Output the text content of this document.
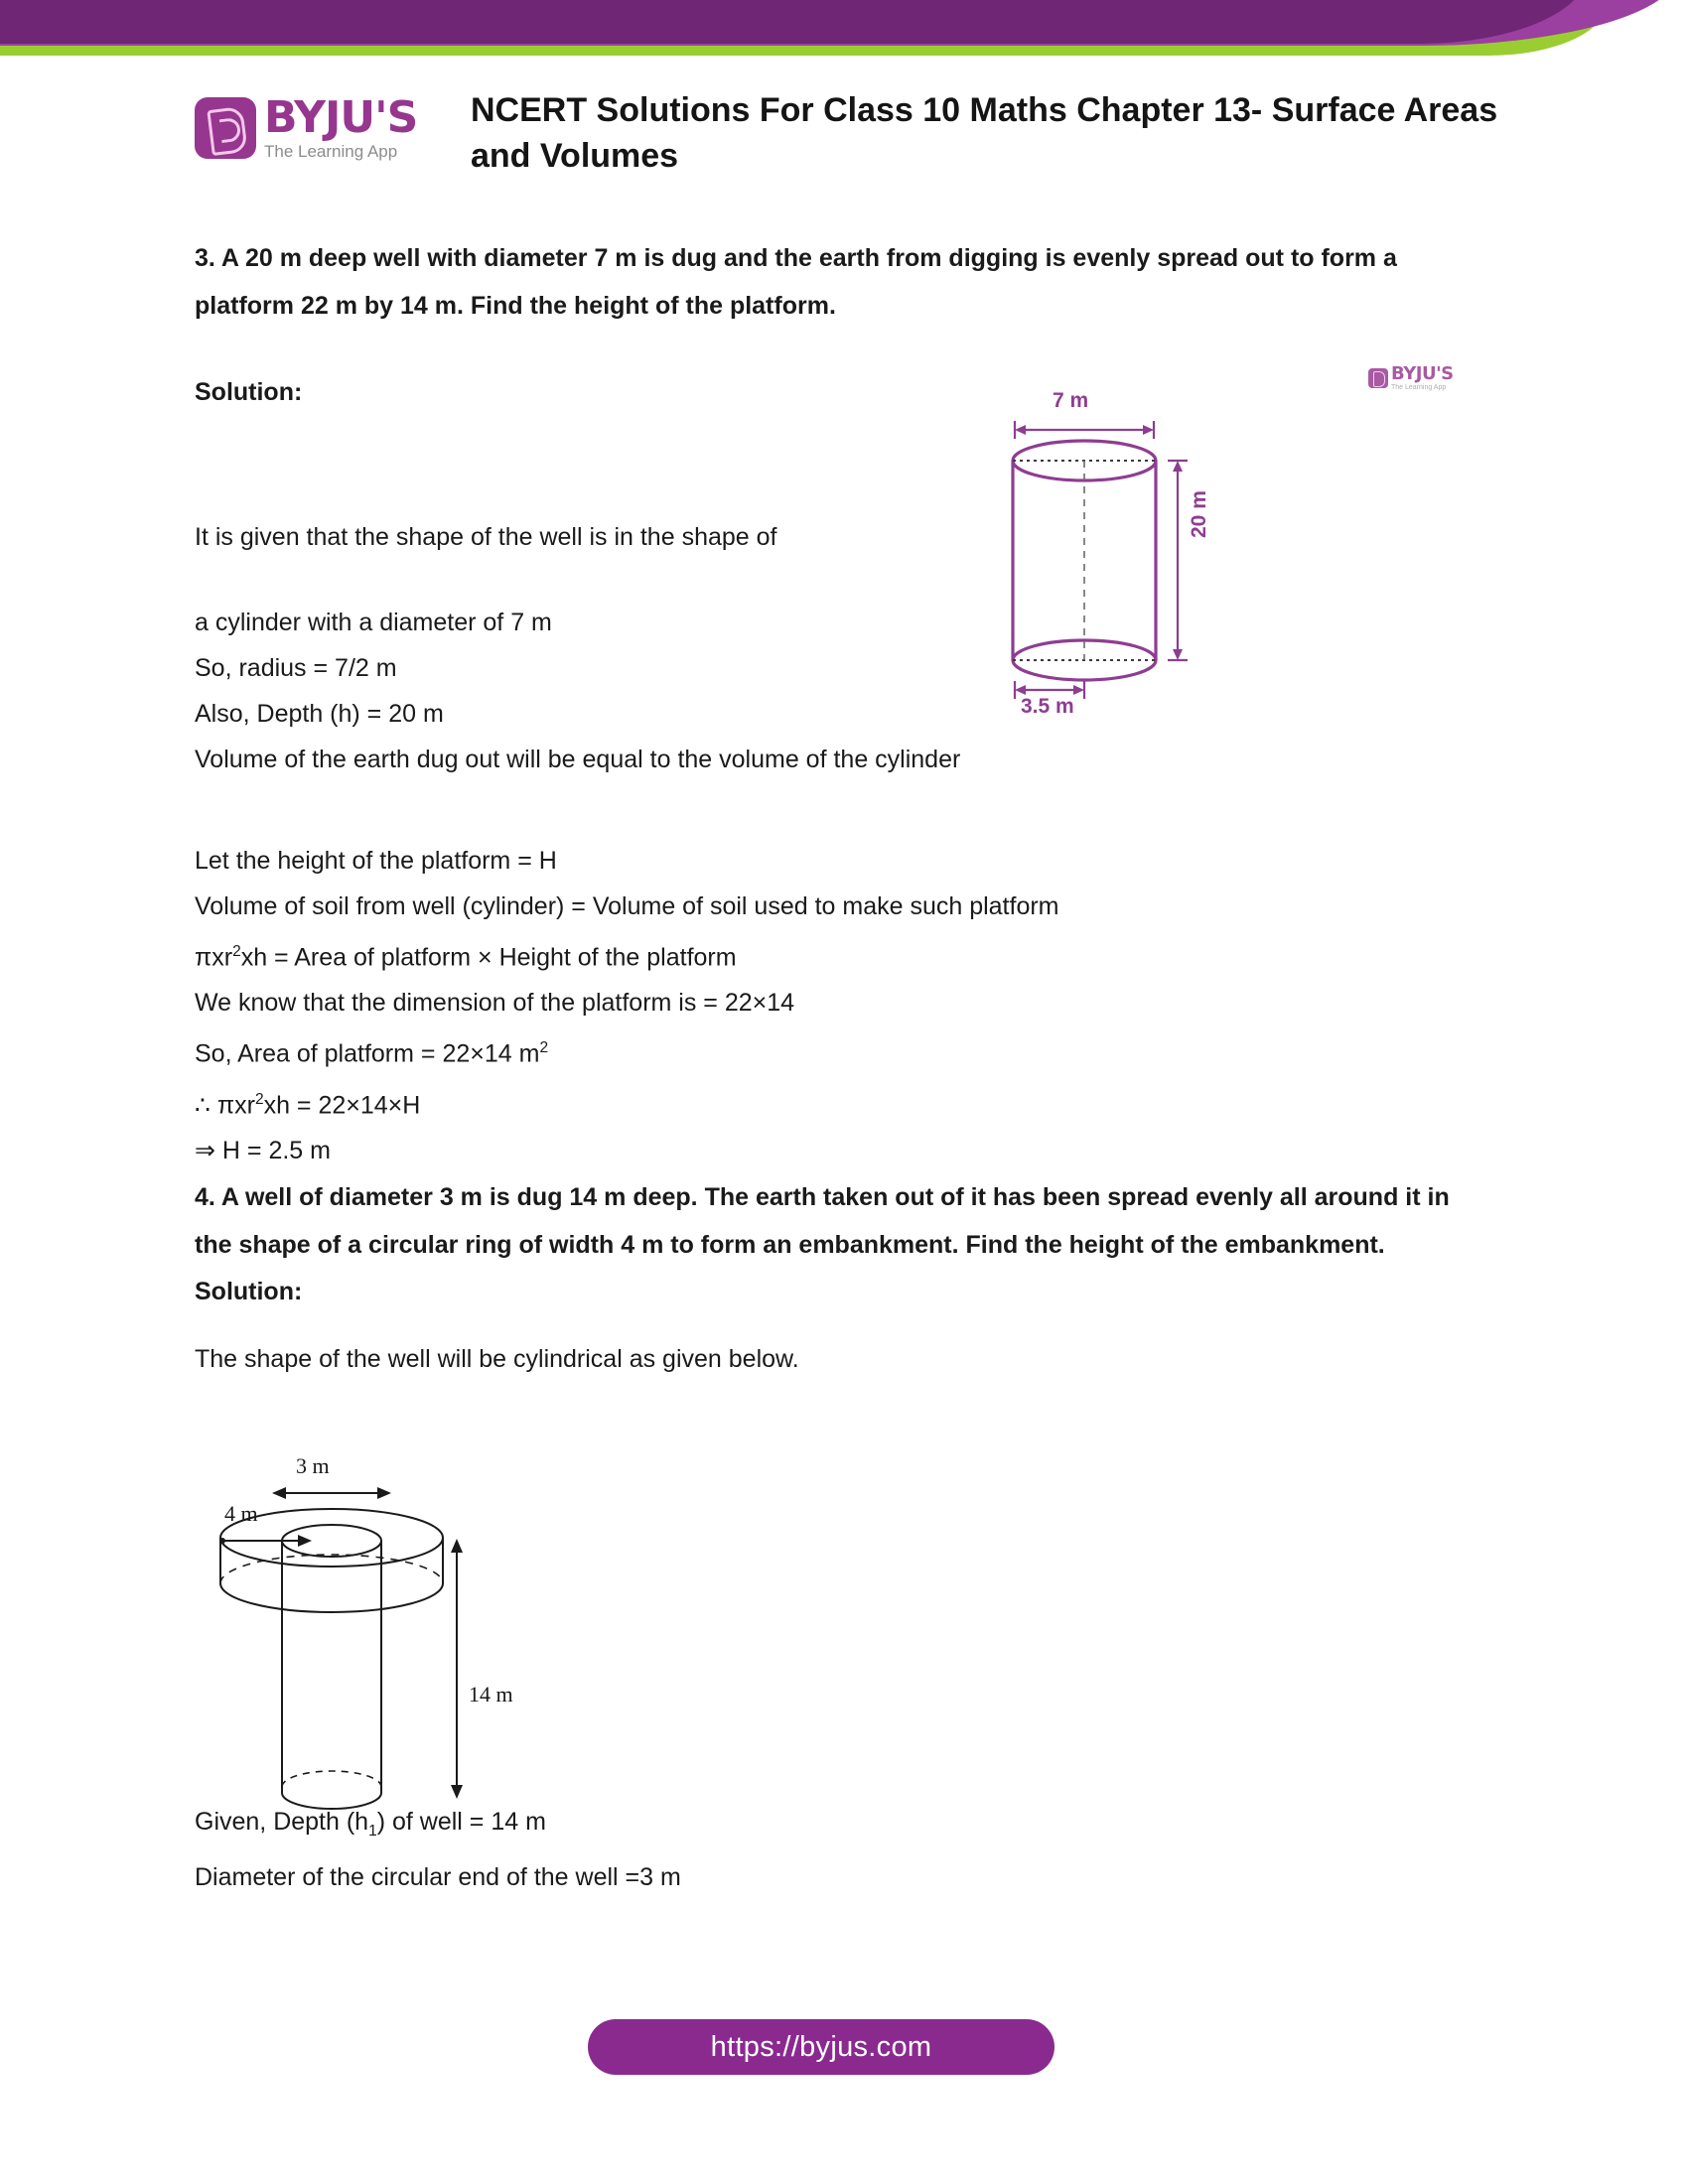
BYJU'S
The Learning App
NCERT Solutions For Class 10 Maths Chapter 13- Surface Areas and Volumes
3. A 20 m deep well with diameter 7 m is dug and the earth from digging is evenly spread out to form a platform 22 m by 14 m. Find the height of the platform.
Solution:
It is given that the shape of the well is in the shape of
a cylinder with a diameter of 7 m
So, radius = 7/2 m
Also, Depth (h) = 20 m
Volume of the earth dug out will be equal to the volume of the cylinder
Let the height of the platform = H
Volume of soil from well (cylinder) = Volume of soil used to make such platform
πxr$^2$xh = Area of platform × Height of the platform
We know that the dimension of the platform is = 22×14
So, Area of platform = 22×14 $m^2$
∴ πxr$^2$xh = 22×14×H
⇒ H = 2.5 m
4. A well of diameter 3 m is dug 14 m deep. The earth taken out of it has been spread evenly all around it in the shape of a circular ring of width 4 m to form an embankment. Find the height of the embankment.
Solution:
The shape of the well will be cylindrical as given below.
Given, Depth $(h_1)$ of well = 14 m
Diameter of the circular end of the well =3 m
7 m
20 m
3.5 m
BYJU'S
The Learning App
3 m
4 m
14 m
https://byjus.com
